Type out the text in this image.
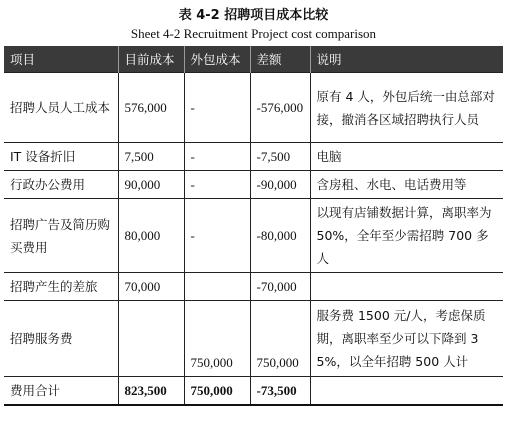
表 4-2 招聘项目成本比较
Sheet 4-2 Recruitment Project cost comparison
项目	目前成本	外包成本	差额	说明
招聘人员人工成本	576,000	-	-576,000	原有 4 人，外包后统一由总部对接，撤消各区域招聘执行人员
IT 设备折旧	7,500	-	-7,500	电脑
行政办公费用	90,000	-	-90,000	含房租、水电、电话费用等
招聘广告及简历购买费用	80,000	-	-80,000	以现有店铺数据计算，离职率为 50%，全年至少需招聘 700 多人
招聘产生的差旅	70,000		-70,000	
招聘服务费		750,000	750,000	服务费 1500 元/人，考虑保质期，离职率至少可以下降到 35%，以全年招聘 500 人计
费用合计	823,500	750,000	-73,500	
